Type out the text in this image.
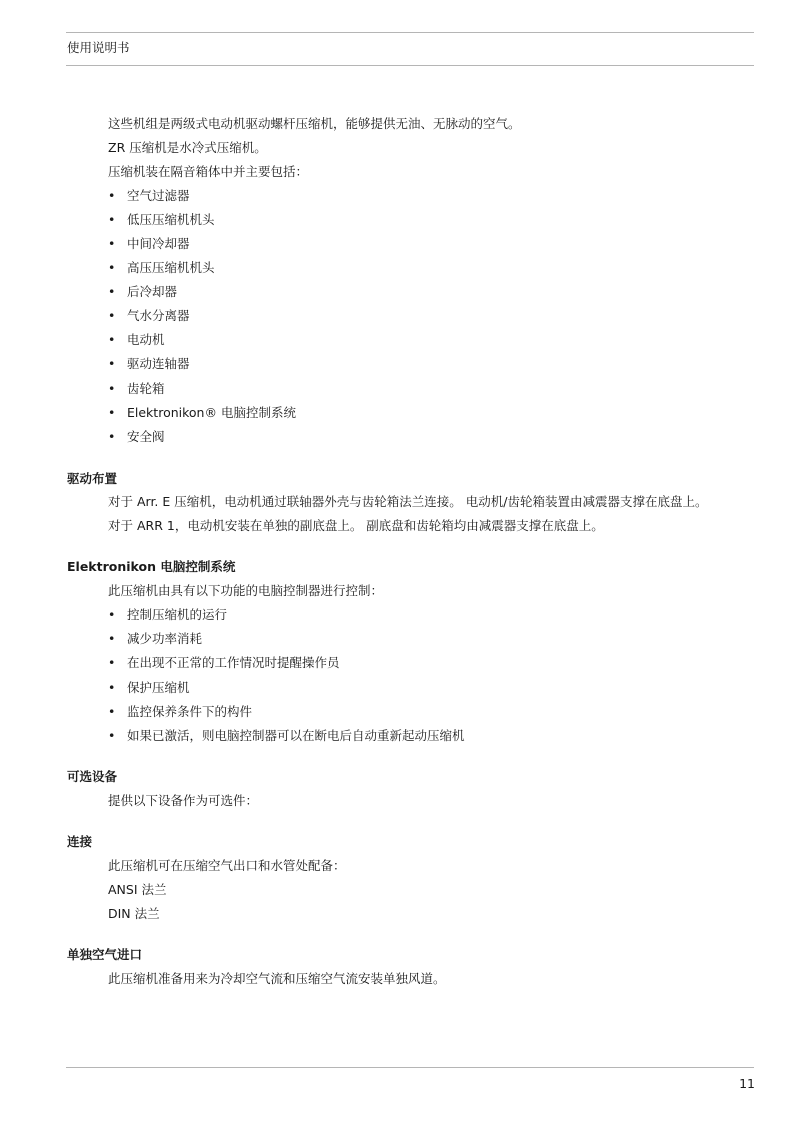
使用说明书
这些机组是两级式电动机驱动螺杆压缩机，能够提供无油、无脉动的空气。
ZR 压缩机是水冷式压缩机。
压缩机装在隔音箱体中并主要包括：
• 空气过滤器
• 低压压缩机机头
• 中间冷却器
• 高压压缩机机头
• 后冷却器
• 气水分离器
• 电动机
• 驱动连轴器
• 齿轮箱
• Elektronikon® 电脑控制系统
• 安全阀
驱动布置
对于 Arr. E 压缩机，电动机通过联轴器外壳与齿轮箱法兰连接。 电动机/齿轮箱装置由减震器支撑在底盘上。
对于 ARR 1，电动机安装在单独的副底盘上。 副底盘和齿轮箱均由减震器支撑在底盘上。
Elektronikon 电脑控制系统
此压缩机由具有以下功能的电脑控制器进行控制：
• 控制压缩机的运行
• 减少功率消耗
• 在出现不正常的工作情况时提醒操作员
• 保护压缩机
• 监控保养条件下的构件
• 如果已激活，则电脑控制器可以在断电后自动重新起动压缩机
可选设备
提供以下设备作为可选件：
连接
此压缩机可在压缩空气出口和水管处配备：
ANSI 法兰
DIN 法兰
单独空气进口
此压缩机准备用来为冷却空气流和压缩空气流安装单独风道。
11
